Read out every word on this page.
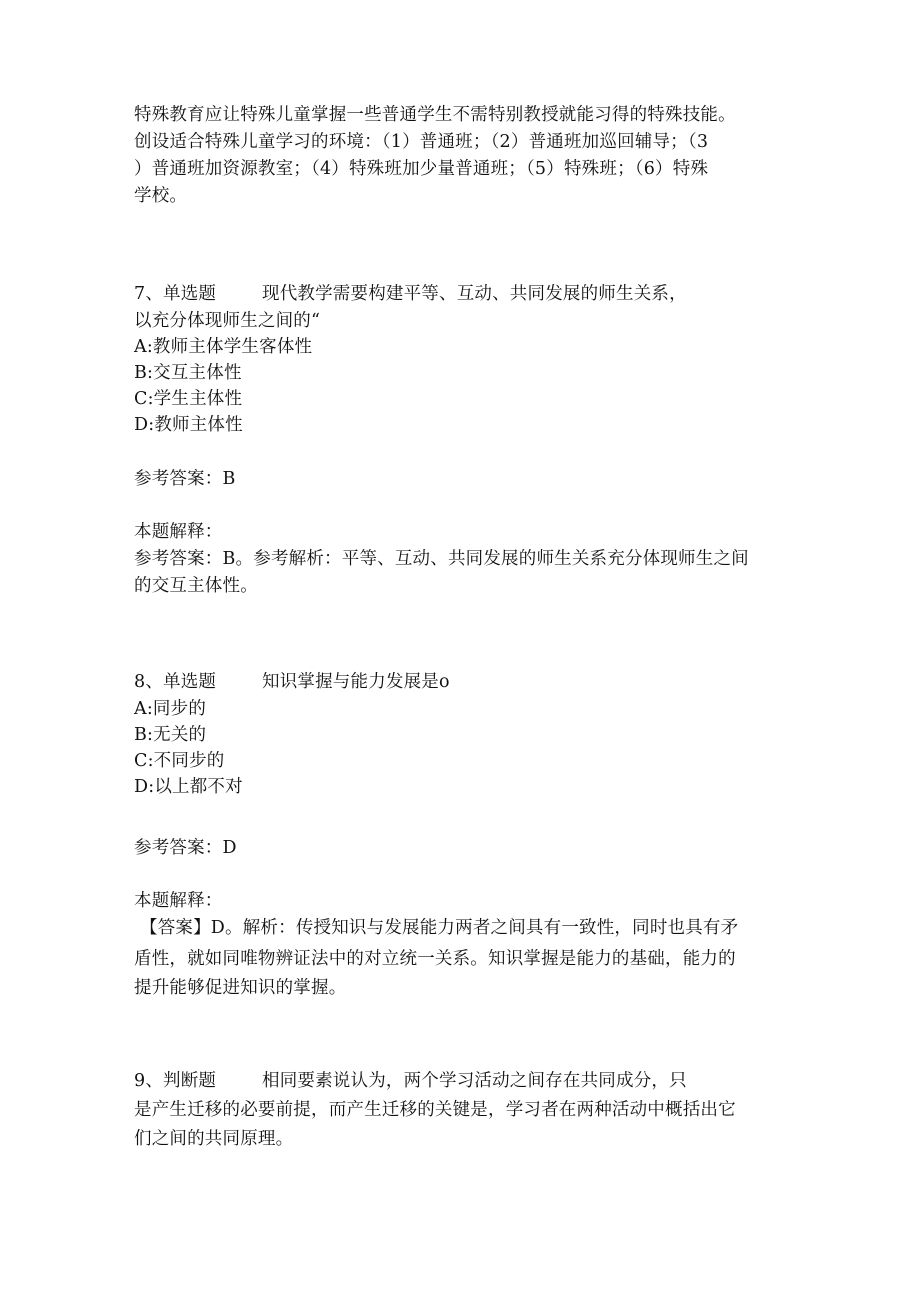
特殊教育应让特殊儿童掌握一些普通学生不需特别教授就能习得的特殊技能。
创设适合特殊儿童学习的环境：（1）普通班；（2）普通班加巡回辅导；（3
）普通班加资源教室；（4）特殊班加少量普通班；（5）特殊班；（6）特殊
学校。
7、单选题	现代教学需要构建平等、互动、共同发展的师生关系，
以充分体现师生之间的“
A:教师主体学生客体性
B:交互主体性
C:学生主体性
D:教师主体性
参考答案：B
本题解释：
参考答案：B。参考解析：平等、互动、共同发展的师生关系充分体现师生之间
的交互主体性。
8、单选题	知识掌握与能力发展是o
A:同步的
B:无关的
C:不同步的
D:以上都不对
参考答案：D
本题解释：
【答案】D。解析：传授知识与发展能力两者之间具有一致性，同时也具有矛
盾性，就如同唯物辨证法中的对立统一关系。知识掌握是能力的基础，能力的
提升能够促进知识的掌握。
9、判断题	相同要素说认为，两个学习活动之间存在共同成分，只
是产生迁移的必要前提，而产生迁移的关键是，学习者在两种活动中概括出它
们之间的共同原理。
